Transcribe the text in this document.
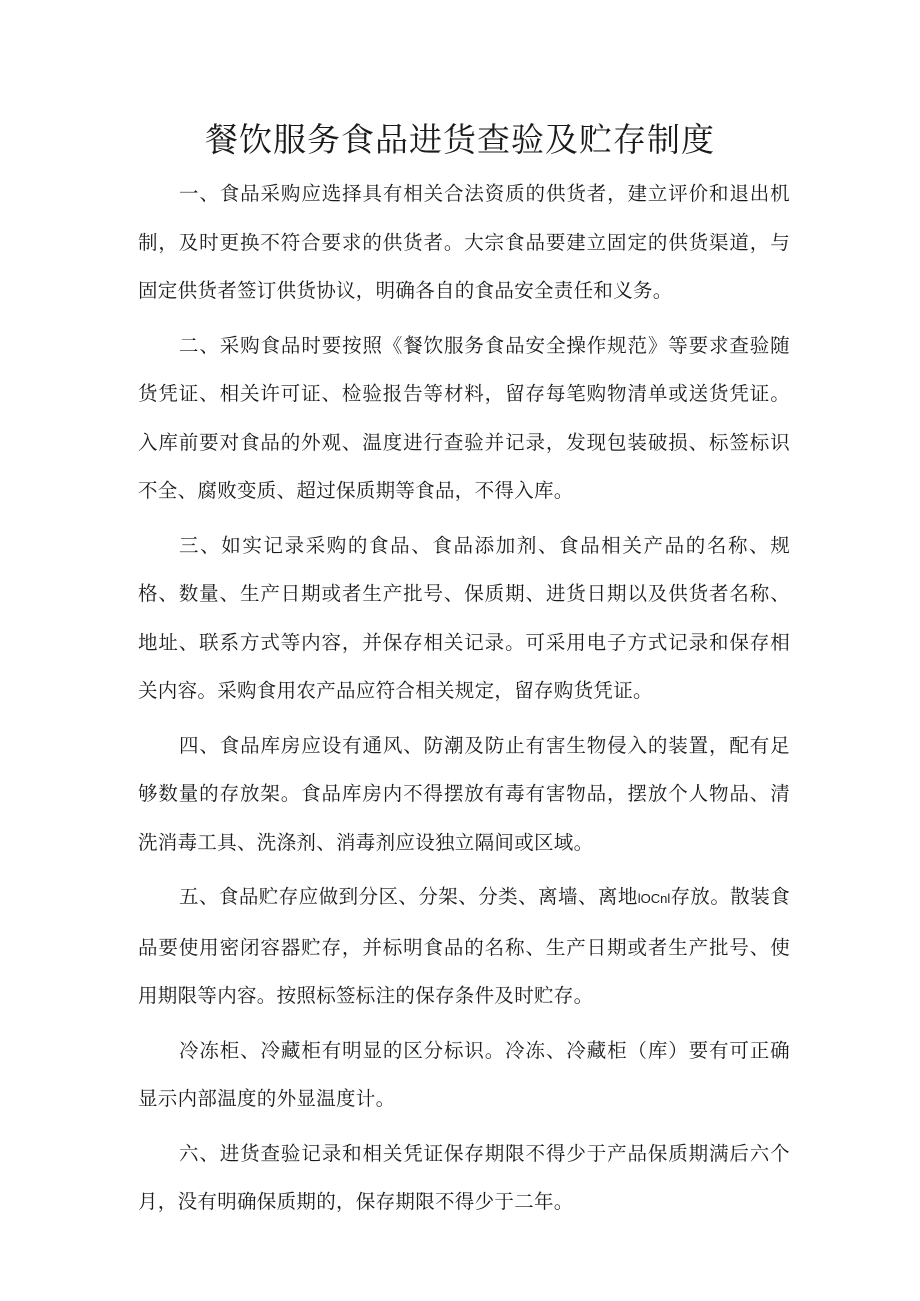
餐饮服务食品进货查验及贮存制度

一、食品采购应选择具有相关合法资质的供货者，建立评价和退出机制，及时更换不符合要求的供货者。大宗食品要建立固定的供货渠道，与固定供货者签订供货协议，明确各自的食品安全责任和义务。

二、采购食品时要按照《餐饮服务食品安全操作规范》等要求查验随货凭证、相关许可证、检验报告等材料，留存每笔购物清单或送货凭证。入库前要对食品的外观、温度进行查验并记录，发现包装破损、标签标识不全、腐败变质、超过保质期等食品，不得入库。

三、如实记录采购的食品、食品添加剂、食品相关产品的名称、规格、数量、生产日期或者生产批号、保质期、进货日期以及供货者名称、地址、联系方式等内容，并保存相关记录。可采用电子方式记录和保存相关内容。采购食用农产品应符合相关规定，留存购货凭证。

四、食品库房应设有通风、防潮及防止有害生物侵入的装置，配有足够数量的存放架。食品库房内不得摆放有毒有害物品，摆放个人物品、清洗消毒工具、洗涤剂、消毒剂应设独立隔间或区域。

五、食品贮存应做到分区、分架、分类、离墙、离地lOCnl存放。散装食品要使用密闭容器贮存，并标明食品的名称、生产日期或者生产批号、使用期限等内容。按照标签标注的保存条件及时贮存。

冷冻柜、冷藏柜有明显的区分标识。冷冻、冷藏柜（库）要有可正确显示内部温度的外显温度计。

六、进货查验记录和相关凭证保存期限不得少于产品保质期满后六个月，没有明确保质期的，保存期限不得少于二年。
